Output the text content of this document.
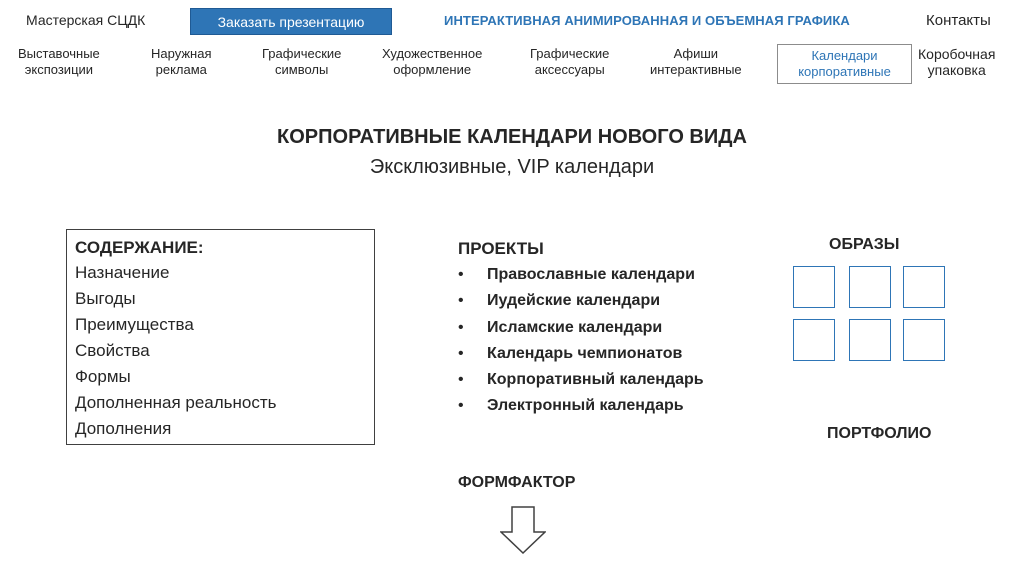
Мастерская СЦДК	Заказать презентацию	ИНТЕРАКТИВНАЯ АНИМИРОВАННАЯ И ОБЪЕМНАЯ ГРАФИКА	Контакты
Выставочные
экспозиции
Наружная
реклама
Графические
символы
Художественное
оформление
Графические
аксессуары
Афиши
интерактивные
Календари
корпоративные
Коробочная
упаковка
КОРПОРАТИВНЫЕ КАЛЕНДАРИ НОВОГО ВИДА
Эксклюзивные, VIP календари
СОДЕРЖАНИЕ:
Назначение
Выгоды
Преимущества
Свойства
Формы
Дополненная реальность
Дополнения
ПРОЕКТЫ
• Православные календари
• Иудейские календари
• Исламские календари
• Календарь чемпионатов
• Корпоративный календарь
• Электронный календарь
ОБРАЗЫ
ПОРТФОЛИО
ФОРМФАКТОР
